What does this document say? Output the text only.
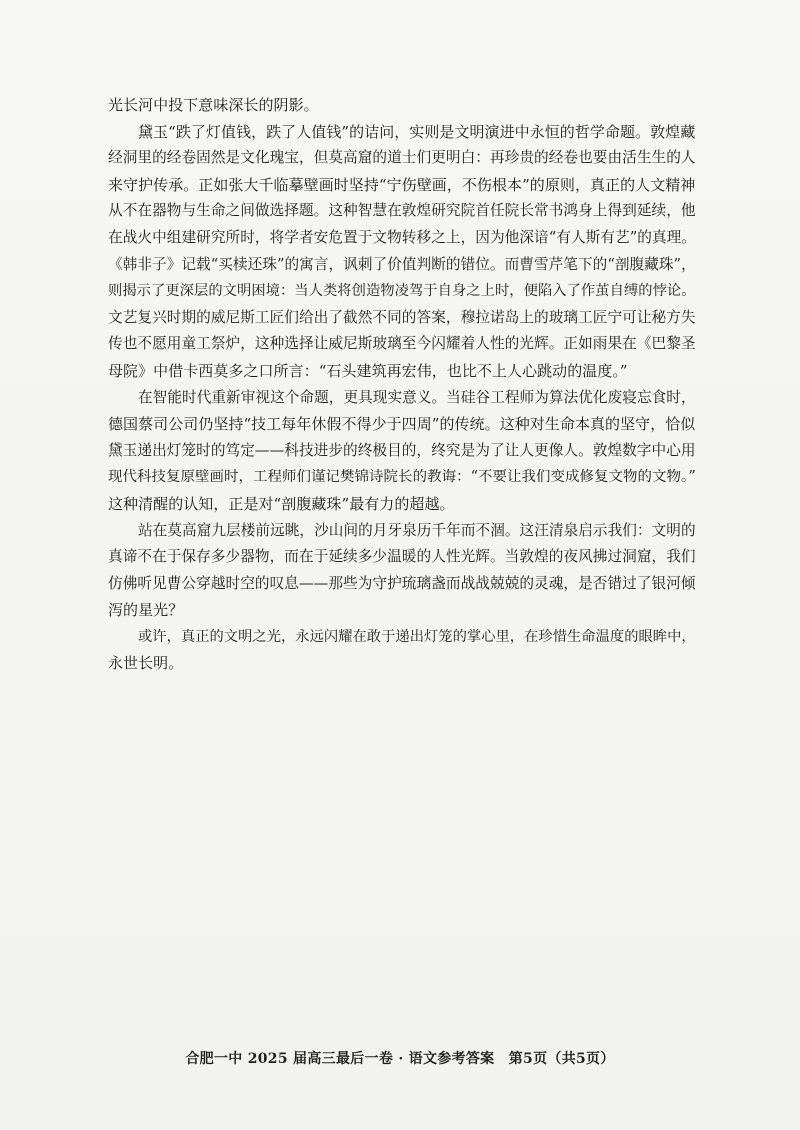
光长河中投下意味深长的阴影。
黛玉“跌了灯值钱，跌了人值钱”的诘问，实则是文明演进中永恒的哲学命题。敦煌藏
经洞里的经卷固然是文化瑰宝，但莫高窟的道士们更明白：再珍贵的经卷也要由活生生的人
来守护传承。正如张大千临摹壁画时坚持“宁伤壁画，不伤根本”的原则，真正的人文精神
从不在器物与生命之间做选择题。这种智慧在敦煌研究院首任院长常书鸿身上得到延续，他
在战火中组建研究所时，将学者安危置于文物转移之上，因为他深谙“有人斯有艺”的真理。
《韩非子》记载“买椟还珠”的寓言，讽刺了价值判断的错位。而曹雪芹笔下的“剖腹藏珠”，
则揭示了更深层的文明困境：当人类将创造物凌驾于自身之上时，便陷入了作茧自缚的悖论。
文艺复兴时期的威尼斯工匠们给出了截然不同的答案，穆拉诺岛上的玻璃工匠宁可让秘方失
传也不愿用童工祭炉，这种选择让威尼斯玻璃至今闪耀着人性的光辉。正如雨果在《巴黎圣
母院》中借卡西莫多之口所言：“石头建筑再宏伟，也比不上人心跳动的温度。”
在智能时代重新审视这个命题，更具现实意义。当硅谷工程师为算法优化废寝忘食时，
德国蔡司公司仍坚持“技工每年休假不得少于四周”的传统。这种对生命本真的坚守，恰似
黛玉递出灯笼时的笃定——科技进步的终极目的，终究是为了让人更像人。敦煌数字中心用
现代科技复原壁画时，工程师们谨记樊锦诗院长的教诲：“不要让我们变成修复文物的文物。”
这种清醒的认知，正是对“剖腹藏珠”最有力的超越。
站在莫高窟九层楼前远眺，沙山间的月牙泉历千年而不涸。这汪清泉启示我们：文明的
真谛不在于保存多少器物，而在于延续多少温暖的人性光辉。当敦煌的夜风拂过洞窟，我们
仿佛听见曹公穿越时空的叹息——那些为守护琉璃盏而战战兢兢的灵魂，是否错过了银河倾
泻的星光？
或许，真正的文明之光，永远闪耀在敢于递出灯笼的掌心里，在珍惜生命温度的眼眸中，
永世长明。
合肥一中 2025 届高三最后一卷 · 语文参考答案　第5页（共5页）
